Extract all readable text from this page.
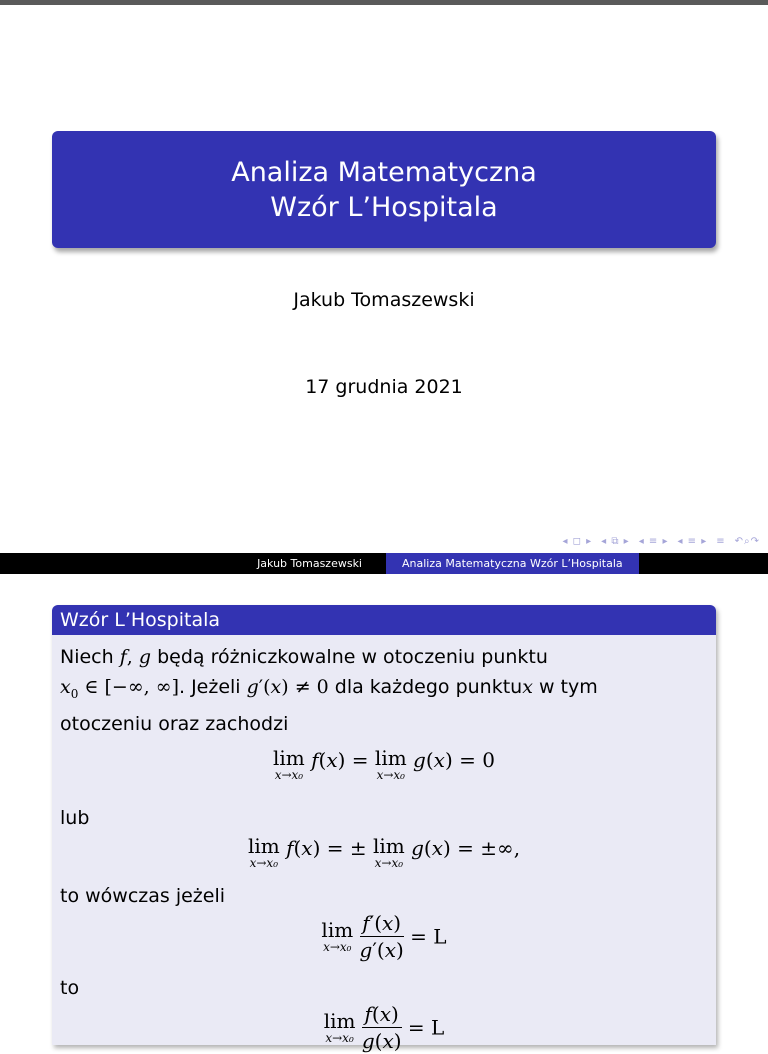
Analiza Matematyczna
Wzór L’Hospitala
Jakub Tomaszewski
17 grudnia 2021
◂ ◻ ▸ ◂ ⧉ ▸ ◂ ≡ ▸ ◂ ≡ ▸ ≡ ↶⌕↷
Jakub Tomaszewski	Analiza Matematyczna Wzór L’Hospitala
Wzór L’Hospitala
Niech f, g będą różniczkowalne w otoczeniu punktu
$x_0$ ∈ [−∞, ∞]. Jeżeli g′(x) ≠ 0 dla każdego punktux w tym
otoczeniu oraz zachodzi
lim
x→x₀
f(x) = lim
x→x₀
g(x) = 0
lub
lim
x→x₀
f(x) = ± lim
x→x₀
g(x) = ±∞,
to wówczas jeżeli
lim
x→x₀
$\frac{f'(x)}{g'(x)} = L$
to
lim
x→x₀
$\frac{f(x)}{g(x)} = L$
